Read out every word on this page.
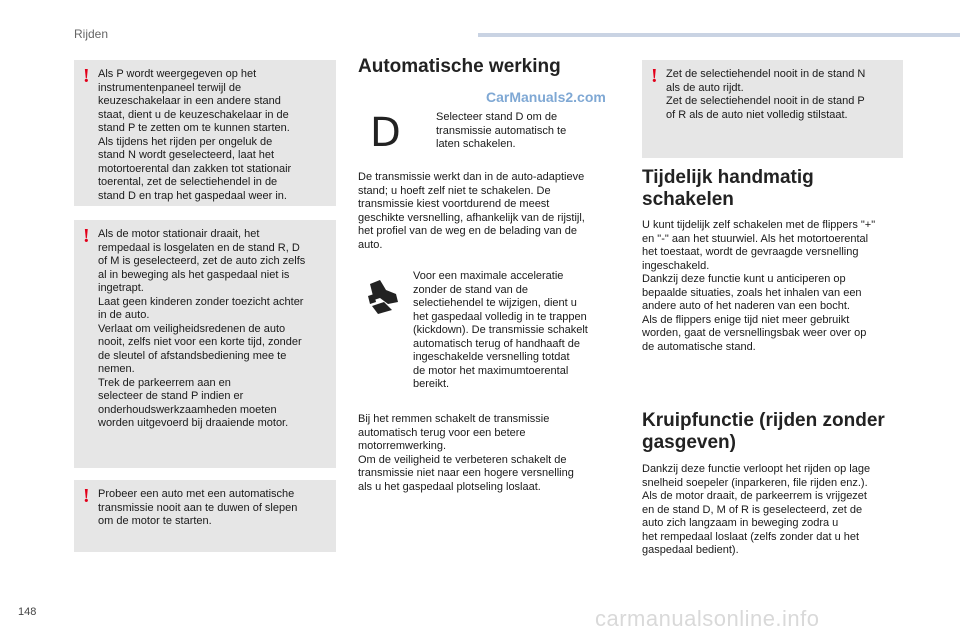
Rijden
! Als P wordt weergegeven op het
instrumentenpaneel terwijl de
keuzeschakelaar in een andere stand
staat, dient u de keuzeschakelaar in de
stand P te zetten om te kunnen starten.
Als tijdens het rijden per ongeluk de
stand N wordt geselecteerd, laat het
motortoerental dan zakken tot stationair
toerental, zet de selectiehendel in de
stand D en trap het gaspedaal weer in.

! Als de motor stationair draait, het
rempedaal is losgelaten en de stand R, D
of M is geselecteerd, zet de auto zich zelfs
al in beweging als het gaspedaal niet is
ingetrapt.
Laat geen kinderen zonder toezicht achter
in de auto.
Verlaat om veiligheidsredenen de auto
nooit, zelfs niet voor een korte tijd, zonder
de sleutel of afstandsbediening mee te
nemen.
Trek de parkeerrem aan en
selecteer de stand P indien er
onderhoudswerkzaamheden moeten
worden uitgevoerd bij draaiende motor.

! Probeer een auto met een automatische
transmissie nooit aan te duwen of slepen
om de motor te starten.

Automatische werking
CarManuals2.com
D	Selecteer stand D om de
transmissie automatisch te
laten schakelen.
De transmissie werkt dan in de auto-adaptieve
stand; u hoeft zelf niet te schakelen. De
transmissie kiest voortdurend de meest
geschikte versnelling, afhankelijk van de rijstijl,
het profiel van de weg en de belading van de
auto.
Voor een maximale acceleratie
zonder de stand van de
selectiehendel te wijzigen, dient u
het gaspedaal volledig in te trappen
(kickdown). De transmissie schakelt
automatisch terug of handhaaft de
ingeschakelde versnelling totdat
de motor het maximumtoerental
bereikt.
Bij het remmen schakelt de transmissie
automatisch terug voor een betere
motorremwerking.
Om de veiligheid te verbeteren schakelt de
transmissie niet naar een hogere versnelling
als u het gaspedaal plotseling loslaat.
! Zet de selectiehendel nooit in de stand N
als de auto rijdt.
Zet de selectiehendel nooit in de stand P
of R als de auto niet volledig stilstaat.

Tijdelijk handmatig
schakelen
U kunt tijdelijk zelf schakelen met de flippers "+"
en "-" aan het stuurwiel. Als het motortoerental
het toestaat, wordt de gevraagde versnelling
ingeschakeld.
Dankzij deze functie kunt u anticiperen op
bepaalde situaties, zoals het inhalen van een
andere auto of het naderen van een bocht.
Als de flippers enige tijd niet meer gebruikt
worden, gaat de versnellingsbak weer over op
de automatische stand.
Kruipfunctie (rijden zonder
gasgeven)
Dankzij deze functie verloopt het rijden op lage
snelheid soepeler (inparkeren, file rijden enz.).
Als de motor draait, de parkeerrem is vrijgezet
en de stand D, M of R is geselecteerd, zet de
auto zich langzaam in beweging zodra u
het rempedaal loslaat (zelfs zonder dat u het
gaspedaal bedient).
148	carmanualsonline.info
